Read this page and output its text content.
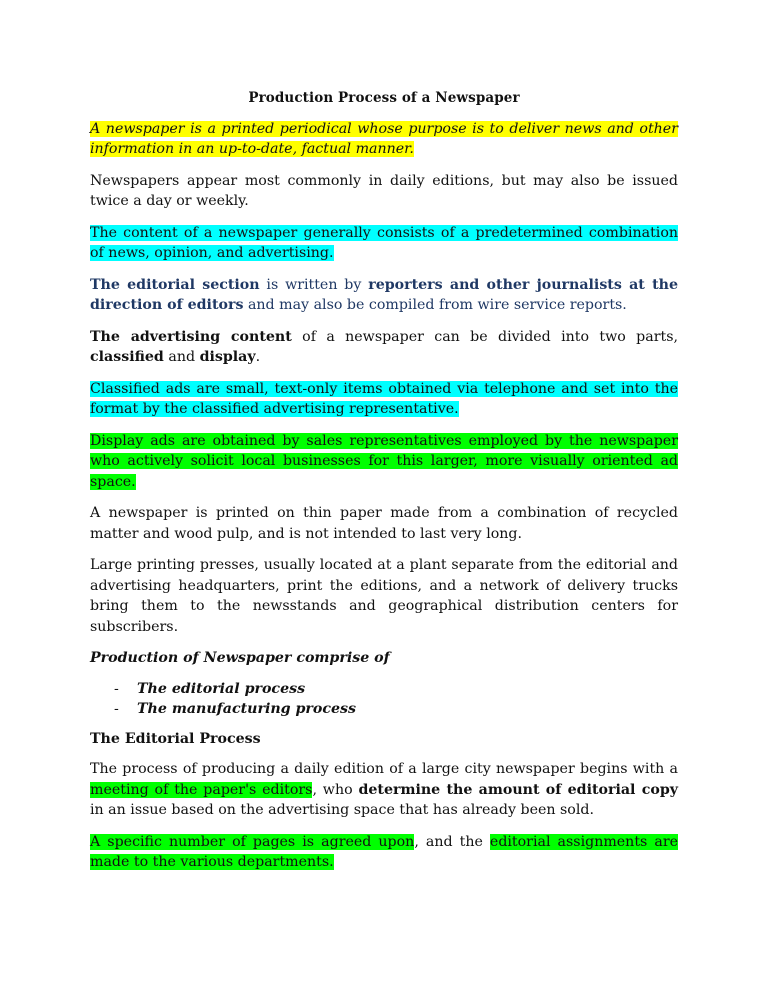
Production Process of a Newspaper

A newspaper is a printed periodical whose purpose is to deliver news and other information in an up-to-date, factual manner.

Newspapers appear most commonly in daily editions, but may also be issued twice a day or weekly.

The content of a newspaper generally consists of a predetermined combination of news, opinion, and advertising.

The editorial section is written by reporters and other journalists at the direction of editors and may also be compiled from wire service reports.

The advertising content of a newspaper can be divided into two parts, classified and display.

Classified ads are small, text-only items obtained via telephone and set into the format by the classified advertising representative.

Display ads are obtained by sales representatives employed by the newspaper who actively solicit local businesses for this larger, more visually oriented ad space.

A newspaper is printed on thin paper made from a combination of recycled matter and wood pulp, and is not intended to last very long.

Large printing presses, usually located at a plant separate from the editorial and advertising headquarters, print the editions, and a network of delivery trucks bring them to the newsstands and geographical distribution centers for subscribers.

Production of Newspaper comprise of
- The editorial process
- The manufacturing process
The Editorial Process

The process of producing a daily edition of a large city newspaper begins with a meeting of the paper's editors, who determine the amount of editorial copy in an issue based on the advertising space that has already been sold.

A specific number of pages is agreed upon, and the editorial assignments are made to the various departments.
